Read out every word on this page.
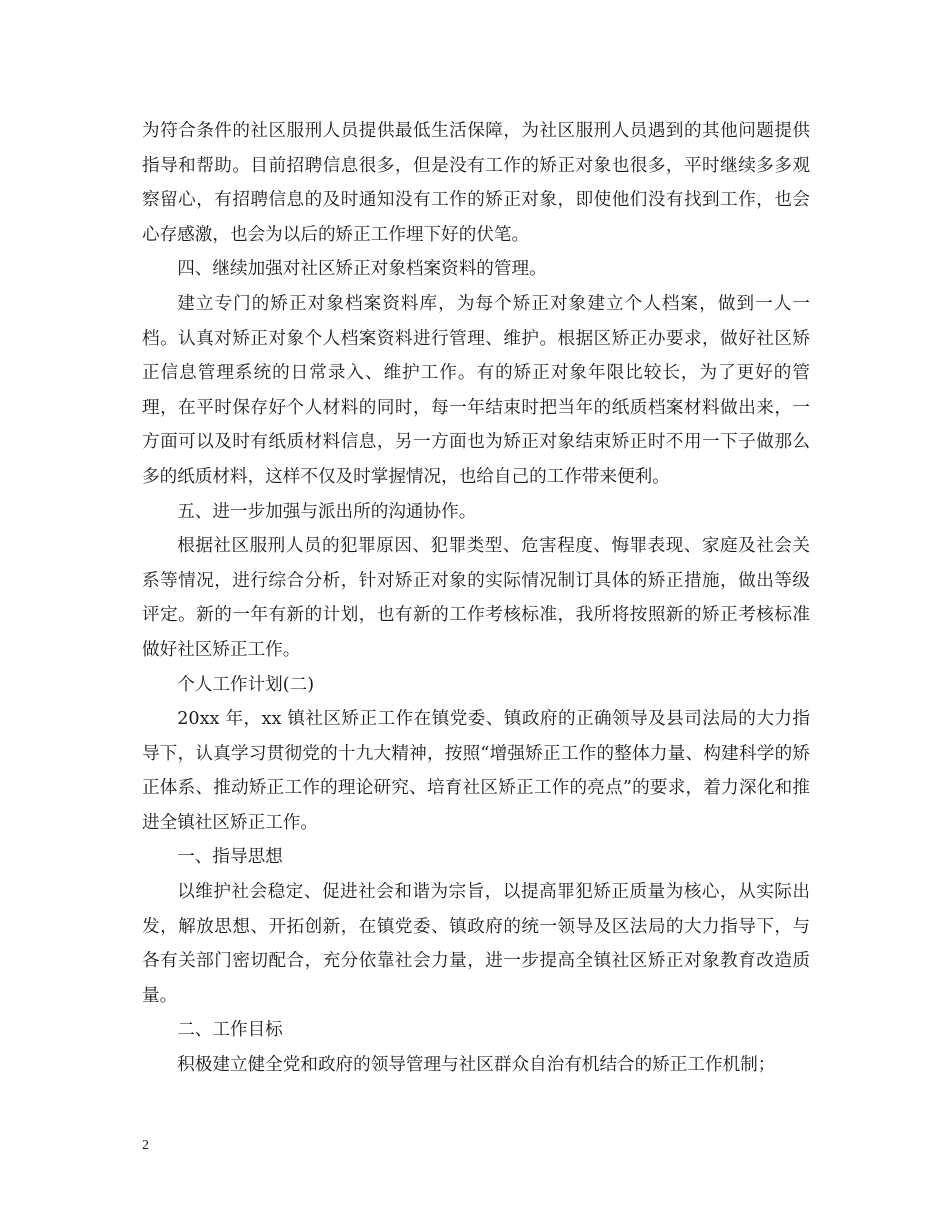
为符合条件的社区服刑人员提供最低生活保障，为社区服刑人员遇到的其他问题提供指导和帮助。目前招聘信息很多，但是没有工作的矫正对象也很多，平时继续多多观察留心，有招聘信息的及时通知没有工作的矫正对象，即使他们没有找到工作，也会心存感激，也会为以后的矫正工作埋下好的伏笔。

四、继续加强对社区矫正对象档案资料的管理。

建立专门的矫正对象档案资料库，为每个矫正对象建立个人档案，做到一人一档。认真对矫正对象个人档案资料进行管理、维护。根据区矫正办要求，做好社区矫正信息管理系统的日常录入、维护工作。有的矫正对象年限比较长，为了更好的管理，在平时保存好个人材料的同时，每一年结束时把当年的纸质档案材料做出来，一方面可以及时有纸质材料信息，另一方面也为矫正对象结束矫正时不用一下子做那么多的纸质材料，这样不仅及时掌握情况，也给自己的工作带来便利。

五、进一步加强与派出所的沟通协作。

根据社区服刑人员的犯罪原因、犯罪类型、危害程度、悔罪表现、家庭及社会关系等情况，进行综合分析，针对矫正对象的实际情况制订具体的矫正措施，做出等级评定。新的一年有新的计划，也有新的工作考核标准，我所将按照新的矫正考核标准做好社区矫正工作。

个人工作计划(二)

20xx 年，xx 镇社区矫正工作在镇党委、镇政府的正确领导及县司法局的大力指导下，认真学习贯彻党的十九大精神，按照“增强矫正工作的整体力量、构建科学的矫正体系、推动矫正工作的理论研究、培育社区矫正工作的亮点”的要求，着力深化和推进全镇社区矫正工作。

一、指导思想

以维护社会稳定、促进社会和谐为宗旨，以提高罪犯矫正质量为核心，从实际出发，解放思想、开拓创新，在镇党委、镇政府的统一领导及区法局的大力指导下，与各有关部门密切配合，充分依靠社会力量，进一步提高全镇社区矫正对象教育改造质量。

二、工作目标

积极建立健全党和政府的领导管理与社区群众自治有机结合的矫正工作机制；

2
